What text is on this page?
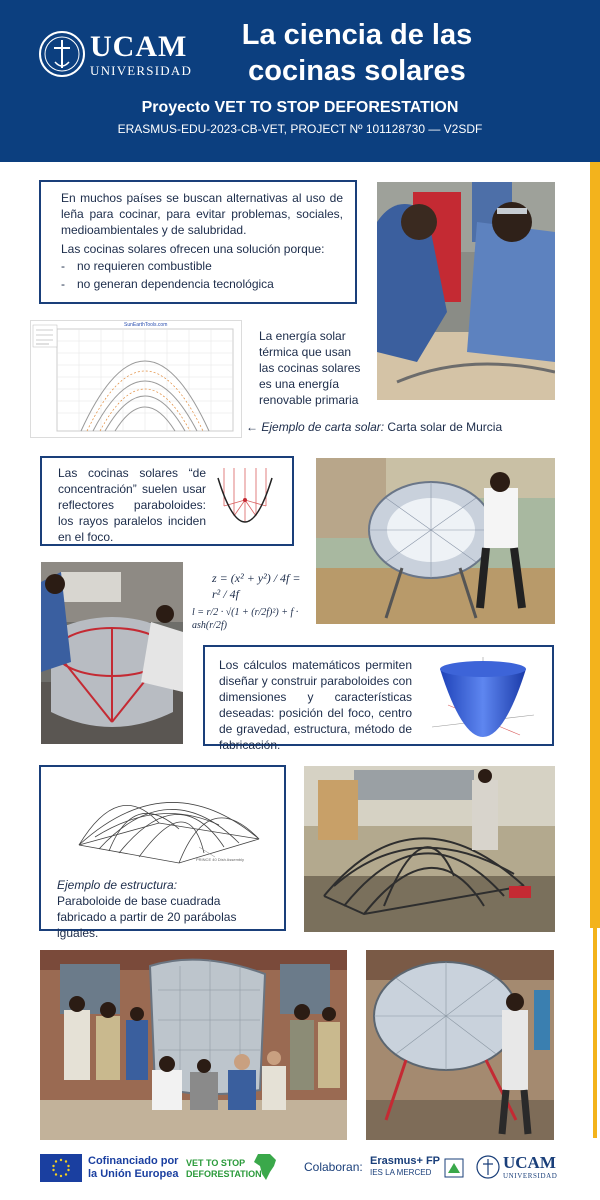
UCAM
UNIVERSIDAD
La ciencia de las
cocinas solares
Proyecto VET TO STOP DEFORESTATION
ERASMUS-EDU-2023-CB-VET, PROJECT Nº 101128730 — V2SDF

En muchos países se buscan alternativas al uso de leña para cocinar, para evitar problemas, sociales, medioambientales y de salubridad.

Las cocinas solares ofrecen una solución porque:

- no requieren combustible
- no generan dependencia tecnológica
SunEarthTools.com
La energía solar térmica que usan las cocinas solares es una energía renovable primaria
← Ejemplo de carta solar: Carta solar de Murcia

Las cocinas solares “de concentración” suelen usar reflectores paraboloides: los rayos paralelos inciden en el foco.

z = (x² + y²) / 4f = r² / 4f
l = r/2 · √(1 + (r/2f)²) + f · ash(r/2f)

Los cálculos matemáticos permiten diseñar y construir paraboloides con dimensiones y características deseadas: posición del foco, centro de gravedad, estructura, método de fabricación.

PRINCE 40 Dish Assembly

Ejemplo de estructura:

Paraboloide de base cuadrada fabricado a partir de 20 parábolas iguales.

Cofinanciado por
la Unión Europea
VET TO STOP
DEFORESTATION	Colaboran: Erasmus+ FP
IES LA MERCED
UCAM
UNIVERSIDAD
